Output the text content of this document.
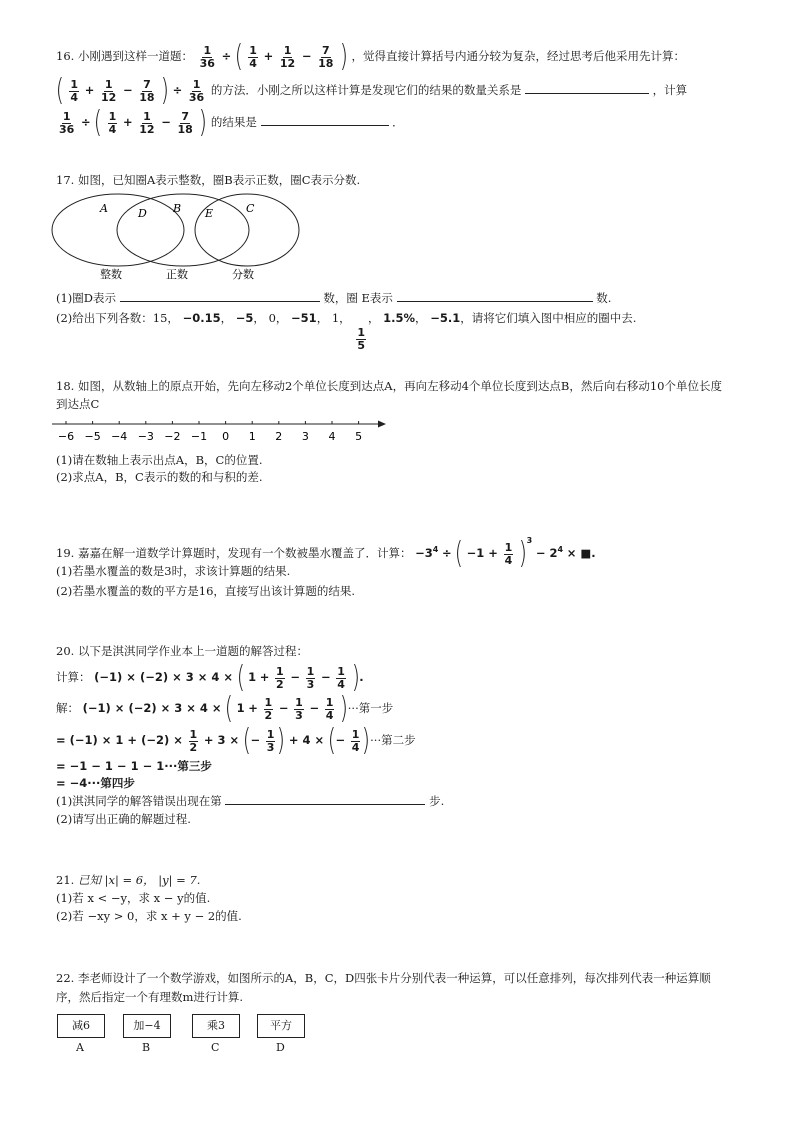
16. 小刚遇到这样一道题： $\frac{1}{36}$ ÷ ( $\frac{1}{4} + \frac{1}{12} - \frac{7}{18}$ ) ，觉得直接计算括号内通分较为复杂，经过思考后他采用先计算：
( $\frac{1}{4} + \frac{1}{12} - \frac{7}{18}$ ) ÷ $\frac{1}{36}$ 的方法．小刚之所以这样计算是发现它们的结果的数量关系是	，计算
$\frac{1}{36}$ ÷ ( $\frac{1}{4} + \frac{1}{12} - \frac{7}{18}$ ) 的结果是	．
17. 如图，已知圈A表示整数，圈B表示正数，圈C表示分数.
A	D B E	C
整数	正数	分数
(1)圈D表示	数，圈 E表示	数.
(2)给出下列各数：15， −0.15， −5， 0， −51， 1，
$\frac{1}{5}$
， 1.5%， −5.1，请将它们填入图中相应的圈中去.
18. 如图，从数轴上的原点开始，先向左移动2个单位长度到达点A，再向左移动4个单位长度到达点B，然后向右移动10个单位长度
到达点C
−6 −5 −4 −3 −2 −1 0 1 2 3 4 5
(1)请在数轴上表示出点A，B，C的位置.
(2)求点A，B，C表示的数的和与积的差.
19. 嘉嘉在解一道数学计算题时，发现有一个数被墨水覆盖了．计算： $-3^4$ ÷ ( $-1 + \frac{1}{4} )^3 - 2^4$ × ■.
(1)若墨水覆盖的数是3时，求该计算题的结果.
(2)若墨水覆盖的数的平方是16，直接写出该计算题的结果.
20. 以下是淇淇同学作业本上一道题的解答过程：
计算： (−1) × (−2) × 3 × 4 × ( $1 + \frac{1}{2} - \frac{1}{3} - \frac{1}{4}$ ).
解： (−1) × (−2) × 3 × 4 × ( $1 + \frac{1}{2} - \frac{1}{3} - \frac{1}{4}$ )···第一步
= $(-1) \times 1 + (-2) \times \frac{1}{2} + 3$ × (− $\frac{1}{3}$ ) + 4 × (− $\frac{1}{4}$ )···第二步
= −1 − 1 − 1 − 1···第三步
= −4···第四步
(1)淇淇同学的解答错误出现在第	步.
(2)请写出正确的解题过程.
21. 已知 |x| = 6， |y| = 7.
(1)若 x < −y，求 x − y的值.
(2)若 −xy > 0，求 x + y − 2的值.
22. 李老师设计了一个数学游戏，如图所示的A，B，C，D四张卡片分别代表一种运算，可以任意排列，每次排列代表一种运算顺
序，然后指定一个有理数m进行计算.
减6	加−4	乘3	平方
A	B	C	D
